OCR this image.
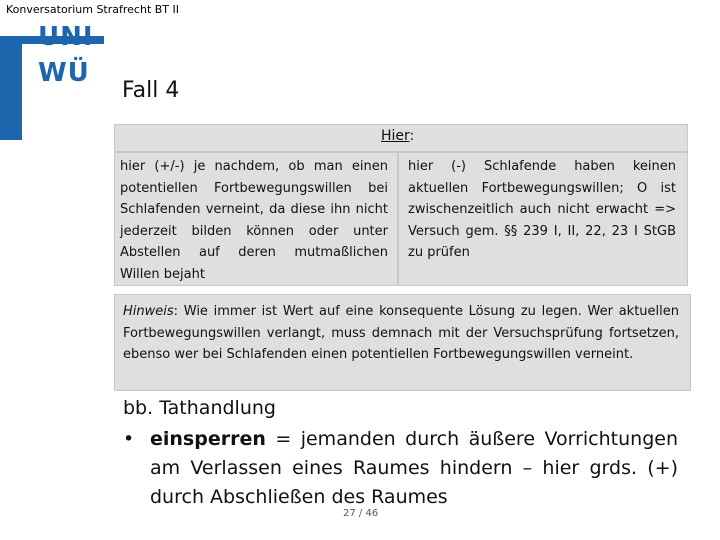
Konversatorium Strafrecht BT II
UNI
WÜ
Fall 4
Hier:
hier (+/-) je nachdem, ob man einen potentiellen Fortbewegungswillen bei Schlafenden verneint, da diese ihn nicht jederzeit bilden können oder unter Abstellen auf deren mutmaßlichen Willen bejaht
hier (-) Schlafende haben keinen aktuellen Fortbewegungswillen; O ist zwischenzeitlich auch nicht erwacht => Versuch gem. §§ 239 I, II, 22, 23 I StGB zu prüfen
Hinweis: Wie immer ist Wert auf eine konsequente Lösung zu legen. Wer aktuellen Fortbewegungswillen verlangt, muss demnach mit der Versuchsprüfung fortsetzen, ebenso wer bei Schlafenden einen potentiellen Fortbewegungswillen verneint.
bb. Tathandlung
• einsperren = jemanden durch äußere Vorrichtungen am Verlassen eines Raumes hindern – hier grds. (+) durch Abschließen des Raumes
27 / 46
